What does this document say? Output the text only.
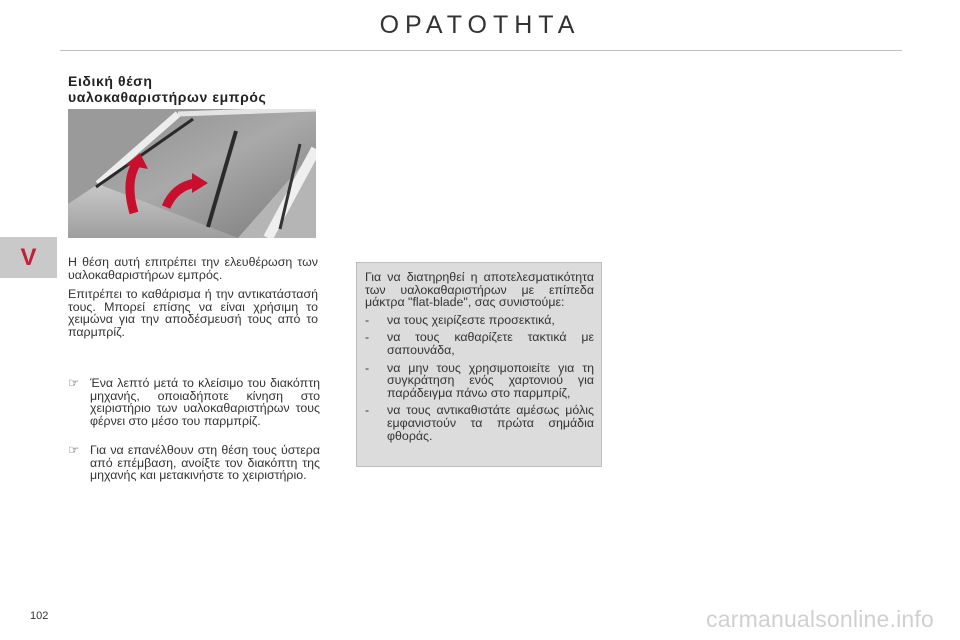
ΟΡΑΤΟΤΗΤΑ
V
Ειδική θέση
υαλοκαθαριστήρων εμπρός

Η θέση αυτή επιτρέπει την ελευθέρωση των υαλοκαθαριστήρων εμπρός.

Επιτρέπει το καθάρισμα ή την αντικατάστασή τους. Μπορεί επίσης να είναι χρήσιμη το χειμώνα για την αποδέσμευσή τους από το παρμπρίζ.

☞ Ένα λεπτό μετά το κλείσιμο του διακόπτη μηχανής, οποιαδήποτε κίνηση στο χειριστήριο των υαλοκαθαριστήρων τους φέρνει στο μέσο του παρμπρίζ.
☞ Για να επανέλθουν στη θέση τους ύστερα από επέμβαση, ανοίξτε τον διακόπτη της μηχανής και μετακινήστε το χειριστήριο.

Για να διατηρηθεί η αποτελεσματικότητα των υαλοκαθαριστήρων με επίπεδα μάκτρα "flat-blade", σας συνιστούμε:

- να τους χειρίζεστε προσεκτικά,
- να τους καθαρίζετε τακτικά με σαπουνάδα,
- να μην τους χρησιμοποιείτε για τη συγκράτηση ενός χαρτονιού για παράδειγμα πάνω στο παρμπρίζ,
- να τους αντικαθιστάτε αμέσως μόλις εμφανιστούν τα πρώτα σημάδια φθοράς.
102	carmanualsonline.info
